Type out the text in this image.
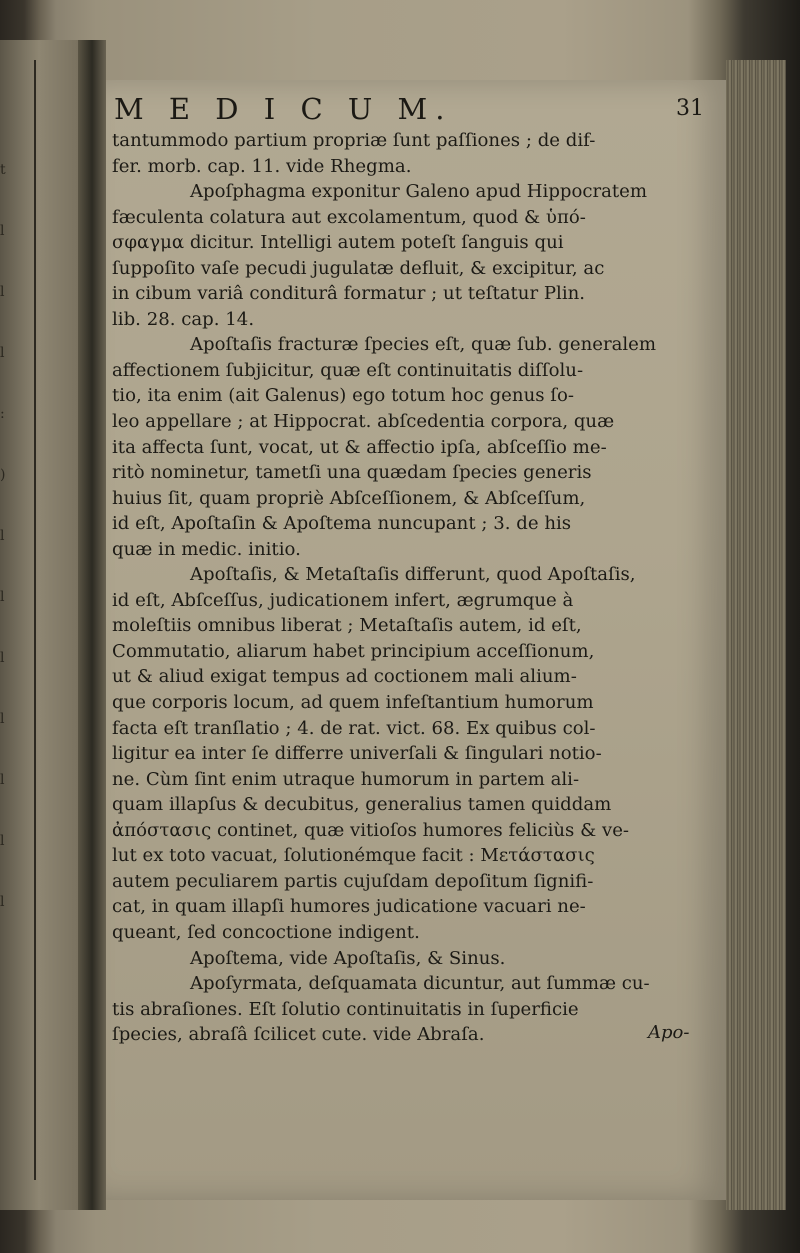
t
l
l
l
:
)
l
l
l
l
l
l
l
M E D I C U M.	31
tantummodo partium propriæ ſunt paſſiones ; de dif-
fer. morb. cap. 11. vide Rhegma.
Apoſphagma exponitur Galeno apud Hippocratem
fæculenta colatura aut excolamentum, quod & ὑπό-
σφαγμα dicitur. Intelligi autem poteſt ſanguis qui
ſuppoſito vaſe pecudi jugulatæ defluit, & excipitur, ac
in cibum variâ conditurâ formatur ; ut teſtatur Plin.
lib. 28. cap. 14.
Apoſtaſis fracturæ ſpecies eſt, quæ ſub. generalem
affectionem ſubjicitur, quæ eſt continuitatis diſſolu-
tio, ita enim (ait Galenus) ego totum hoc genus ſo-
leo appellare ; at Hippocrat. abſcedentia corpora, quæ
ita affecta ſunt, vocat, ut & affectio ipſa, abſceſſio me-
ritò nominetur, tametſi una quædam ſpecies generis
huius ſit, quam propriè Abſceſſionem, & Abſceſſum,
id eſt, Apoſtaſin & Apoſtema nuncupant ; 3. de his
quæ in medic. initio.
Apoſtaſis, & Metaſtaſis differunt, quod Apoſtaſis,
id eſt, Abſceſſus, judicationem infert, ægrumque à
moleſtiis omnibus liberat ; Metaſtaſis autem, id eſt,
Commutatio, aliarum habet principium acceſſionum,
ut & aliud exigat tempus ad coctionem mali alium-
que corporis locum, ad quem infeſtantium humorum
facta eſt tranſlatio ; 4. de rat. vict. 68. Ex quibus col-
ligitur ea inter ſe differre univerſali & ſingulari notio-
ne. Cùm ſint enim utraque humorum in partem ali-
quam illapſus & decubitus, generalius tamen quiddam
ἀπόστασις continet, quæ vitioſos humores feliciùs & ve-
lut ex toto vacuat, ſolutionémque facit : Μετάστασις
autem peculiarem partis cujuſdam depoſitum ſignifi-
cat, in quam illapſi humores judicatione vacuari ne-
queant, ſed concoctione indigent.
Apoſtema, vide Apoſtaſis, & Sinus.
Apoſyrmata, deſquamata dicuntur, aut ſummæ cu-
tis abraſiones. Eſt ſolutio continuitatis in ſuperficie
ſpecies, abraſâ ſcilicet cute. vide Abraſa.	Apo-
